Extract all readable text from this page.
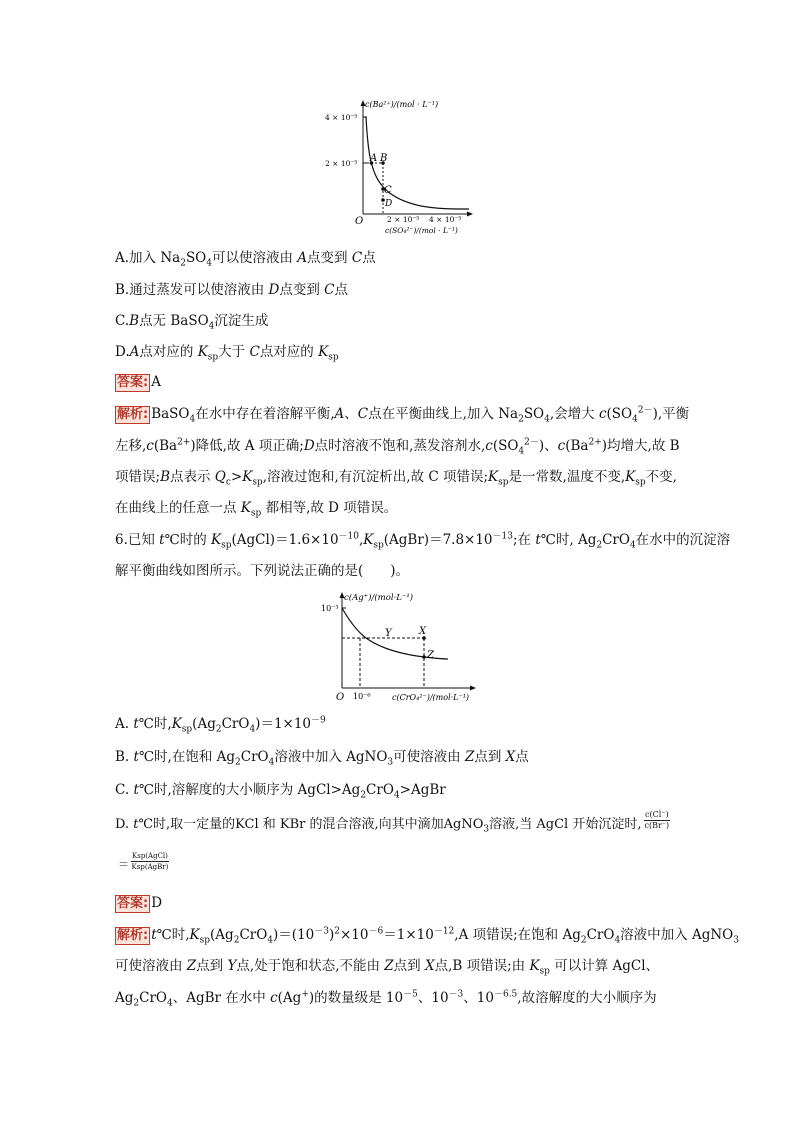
c(Ba²⁺)/(mol · L⁻¹)
4 × 10⁻⁵
2 × 10⁻⁵ A B
C
D
O	2 × 10⁻⁵ 4 × 10⁻⁵
c(SO₄²⁻)/(mol · L⁻¹)
A.加入 $Na_2SO_4$可以使溶液由 A点变到 C点
B.通过蒸发可以使溶液由 D点变到 C点
C.B点无 BaSO$_4$沉淀生成
D.A点对应的 $K_{sp}$大于 C点对应的 $K_{sp}$
答案: A
解析: BaSO$_4$在水中存在着溶解平衡,A、C点在平衡曲线上,加入 $Na_2SO_4$,会增大 $c(SO_4^{2-})$,平衡
左移$,c(Ba^{2+})$降低,故 A 项正确;D点时溶液不饱和,蒸发溶剂水$,c(SO_4^{2-})$、$c(Ba^{2+})$均增大,故 B
项错误;B点表示 $Q_c>K_{sp}$,溶液过饱和,有沉淀析出,故 C 项错误$;K_{sp}$是一常数,温度不变$,K_{sp}$不变,
在曲线上的任意一点 $K_{sp}$ 都相等,故 D 项错误。
6.已知 t℃时的 $K_{sp}(AgCl)=1.6\times 10^{-10},K_{sp}(AgBr)=7.8\times 10^{-13}$;在 t℃时, $Ag_2CrO_4$在水中的沉淀溶
解平衡曲线如图所示。下列说法正确的是(　　)。
c(Ag⁺)/(mol·L⁻¹)
10⁻³
Y	X
Z
O 10⁻⁶	c(CrO₄²⁻)/(mol·L⁻¹)
A. t℃时$,K_{sp}(Ag_2CrO_4)=1\times 10^{-9}$
B. t℃时,在饱和 $Ag_2CrO_4$溶液中加入 AgNO$_3$可使溶液由 Z点到 X点
C. t℃时,溶解度的大小顺序为 $AgCl>Ag_2CrO_4>AgBr$
D. t℃时,取一定量的KCl 和 KBr 的混合溶液,向其中滴加AgNO$_3$溶液,当 AgCl 开始沉淀时, $\frac{c(Cl^-)}{c(Br^-)}$
＝
Ksp(AgCl)
Ksp(AgBr)
答案: D
解析: t℃时$,K_{sp}(Ag_2CrO_4)=(10^{-3})^2\times 10^{-6}=1\times 10^{-12},A$ 项错误;在饱和 $Ag_2CrO_4$溶液中加入 AgNO$_3$
可使溶液由 Z点到 Y点,处于饱和状态,不能由 Z点到 X点,B 项错误;由 $K_{sp}$ 可以计算 AgCl、
$Ag_2CrO_4$、AgBr 在水中 c(Ag+)的数量级是 $10^{-5}$、$10^{-3}$、$10^{-6.5}$,故溶解度的大小顺序为
